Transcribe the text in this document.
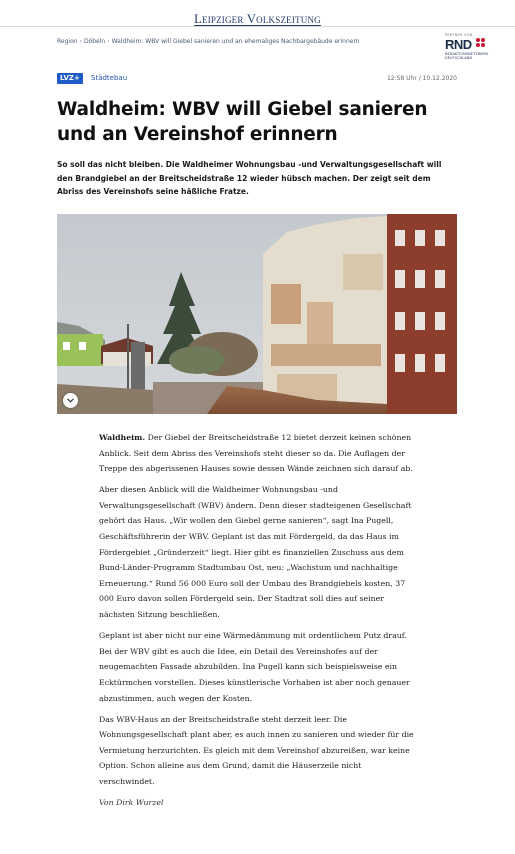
Leipziger Volkszeitung
Region › Döbeln › Waldheim: WBV will Giebel sanieren und an ehemaliges Nachbargebäude erinnern
PARTNER VON
RND
REDAKTIONSNETZWERK
DEUTSCHLAND
LVZ+	Städtebau	12:58 Uhr / 10.12.2020
Waldheim: WBV will Giebel sanieren und an Vereinshof erinnern

So soll das nicht bleiben. Die Waldheimer Wohnungsbau -und Verwaltungsgesellschaft will den Brandgiebel an der Breitscheidstraße 12 wieder hübsch machen. Der zeigt seit dem Abriss des Vereinshofs seine häßliche Fratze.

Waldheim. Der Giebel der Breitscheidstraße 12 bietet derzeit keinen schönen Anblick. Seit dem Abriss des Vereinshofs steht dieser so da. Die Auflagen der Treppe des abgerissenen Hauses sowie dessen Wände zeichnen sich darauf ab.

Aber diesen Anblick will die Waldheimer Wohnungsbau -und Verwaltungsgesellschaft (WBV) ändern. Denn dieser stadteigenen Gesellschaft gehört das Haus. „Wir wollen den Giebel gerne sanieren“, sagt Ina Pugell, Geschäftsführerin der WBV. Geplant ist das mit Fördergeld, da das Haus im Fördergebiet „Gründerzeit“ liegt. Hier gibt es finanziellen Zuschuss aus dem Bund-Länder-Programm Stadtumbau Ost, neu: „Wachstum und nachhaltige Erneuerung.“ Rund 56 000 Euro soll der Umbau des Brandgiebels kosten, 37 000 Euro davon sollen Fördergeld sein. Der Stadtrat soll dies auf seiner nächsten Sitzung beschließen.

Geplant ist aber nicht nur eine Wärmedämmung mit ordentlichem Putz drauf. Bei der WBV gibt es auch die Idee, ein Detail des Vereinshofes auf der neugemachten Fassade abzubilden. Ina Pugell kann sich beispielsweise ein Ecktürmchen vorstellen. Dieses künstlerische Vorhaben ist aber noch genauer abzustimmen, auch wegen der Kosten.

Das WBV-Haus an der Breitscheidstraße steht derzeit leer. Die Wohnungsgesellschaft plant aber, es auch innen zu sanieren und wieder für die Vermietung herzurichten. Es gleich mit dem Vereinshof abzureißen, war keine Option. Schon alleine aus dem Grund, damit die Häuserzeile nicht verschwindet.

Von Dirk Wurzel
